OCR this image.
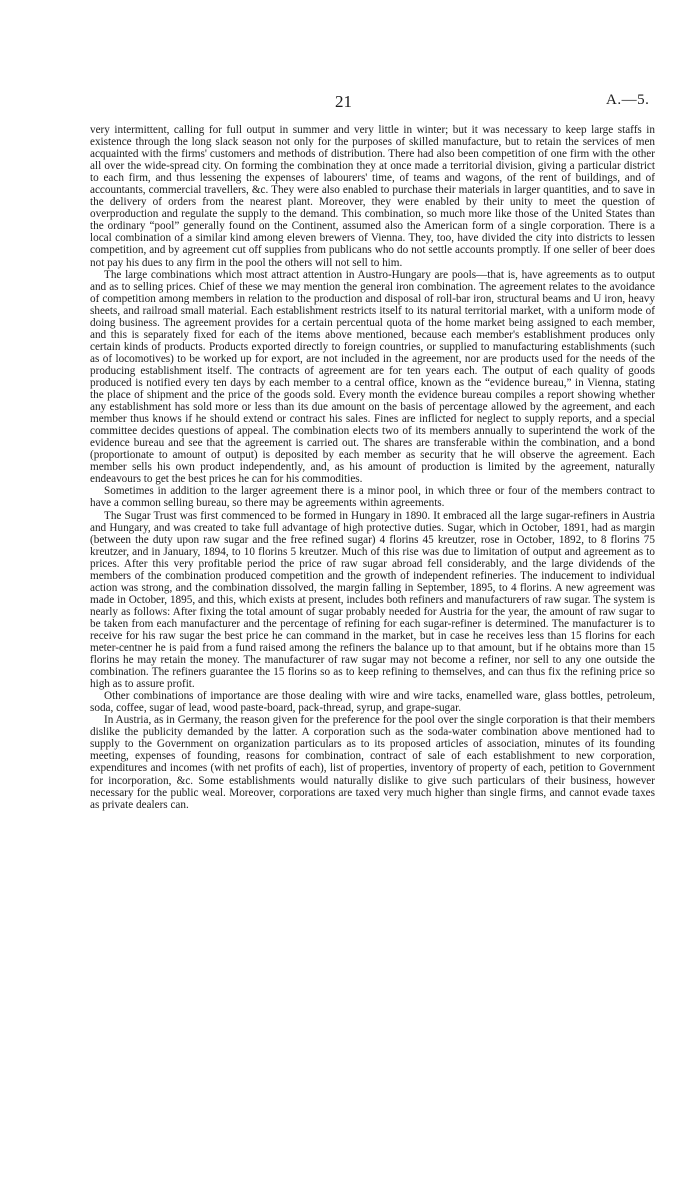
21	A.—5.

very intermittent, calling for full output in summer and very little in winter; but it was necessary to keep large staffs in existence through the long slack season not only for the purposes of skilled manufacture, but to retain the services of men acquainted with the firms' customers and methods of distribution. There had also been competition of one firm with the other all over the wide-spread city. On forming the combination they at once made a territorial division, giving a particular district to each firm, and thus lessening the expenses of labourers' time, of teams and wagons, of the rent of buildings, and of accountants, commercial travellers, &c. They were also enabled to purchase their materials in larger quantities, and to save in the delivery of orders from the nearest plant. Moreover, they were enabled by their unity to meet the question of overproduction and regulate the supply to the demand. This combination, so much more like those of the United States than the ordinary “pool” generally found on the Continent, assumed also the American form of a single corporation. There is a local combination of a similar kind among eleven brewers of Vienna. They, too, have divided the city into districts to lessen competition, and by agreement cut off supplies from publicans who do not settle accounts promptly. If one seller of beer does not pay his dues to any firm in the pool the others will not sell to him.

The large combinations which most attract attention in Austro-Hungary are pools—that is, have agreements as to output and as to selling prices. Chief of these we may mention the general iron combination. The agreement relates to the avoidance of competition among members in relation to the production and disposal of roll-bar iron, structural beams and U iron, heavy sheets, and railroad small material. Each establishment restricts itself to its natural territorial market, with a uniform mode of doing business. The agreement provides for a certain percentual quota of the home market being assigned to each member, and this is separately fixed for each of the items above mentioned, because each member's establishment produces only certain kinds of products. Products exported directly to foreign countries, or supplied to manufacturing establishments (such as of locomotives) to be worked up for export, are not included in the agreement, nor are products used for the needs of the producing establishment itself. The contracts of agreement are for ten years each. The output of each quality of goods produced is notified every ten days by each member to a central office, known as the “evidence bureau,” in Vienna, stating the place of shipment and the price of the goods sold. Every month the evidence bureau compiles a report showing whether any establishment has sold more or less than its due amount on the basis of percentage allowed by the agreement, and each member thus knows if he should extend or contract his sales. Fines are inflicted for neglect to supply reports, and a special committee decides questions of appeal. The combination elects two of its members annually to superintend the work of the evidence bureau and see that the agreement is carried out. The shares are transferable within the combination, and a bond (proportionate to amount of output) is deposited by each member as security that he will observe the agreement. Each member sells his own product independently, and, as his amount of production is limited by the agreement, naturally endeavours to get the best prices he can for his commodities.

Sometimes in addition to the larger agreement there is a minor pool, in which three or four of the members contract to have a common selling bureau, so there may be agreements within agreements.

The Sugar Trust was first commenced to be formed in Hungary in 1890. It embraced all the large sugar-refiners in Austria and Hungary, and was created to take full advantage of high protective duties. Sugar, which in October, 1891, had as margin (between the duty upon raw sugar and the free refined sugar) 4 florins 45 kreutzer, rose in October, 1892, to 8 florins 75 kreutzer, and in January, 1894, to 10 florins 5 kreutzer. Much of this rise was due to limitation of output and agreement as to prices. After this very profitable period the price of raw sugar abroad fell considerably, and the large dividends of the members of the combination produced competition and the growth of independent refineries. The inducement to individual action was strong, and the combination dissolved, the margin falling in September, 1895, to 4 florins. A new agreement was made in October, 1895, and this, which exists at present, includes both refiners and manufacturers of raw sugar. The system is nearly as follows: After fixing the total amount of sugar probably needed for Austria for the year, the amount of raw sugar to be taken from each manufacturer and the percentage of refining for each sugar-refiner is determined. The manufacturer is to receive for his raw sugar the best price he can command in the market, but in case he receives less than 15 florins for each meter-centner he is paid from a fund raised among the refiners the balance up to that amount, but if he obtains more than 15 florins he may retain the money. The manufacturer of raw sugar may not become a refiner, nor sell to any one outside the combination. The refiners guarantee the 15 florins so as to keep refining to themselves, and can thus fix the refining price so high as to assure profit.

Other combinations of importance are those dealing with wire and wire tacks, enamelled ware, glass bottles, petroleum, soda, coffee, sugar of lead, wood paste-board, pack-thread, syrup, and grape-sugar.

In Austria, as in Germany, the reason given for the preference for the pool over the single corporation is that their members dislike the publicity demanded by the latter. A corporation such as the soda-water combination above mentioned had to supply to the Government on organization particulars as to its proposed articles of association, minutes of its founding meeting, expenses of founding, reasons for combination, contract of sale of each establishment to new corporation, expenditures and incomes (with net profits of each), list of properties, inventory of property of each, petition to Government for incorporation, &c. Some establishments would naturally dislike to give such particulars of their business, however necessary for the public weal. Moreover, corporations are taxed very much higher than single firms, and cannot evade taxes as private dealers can.
